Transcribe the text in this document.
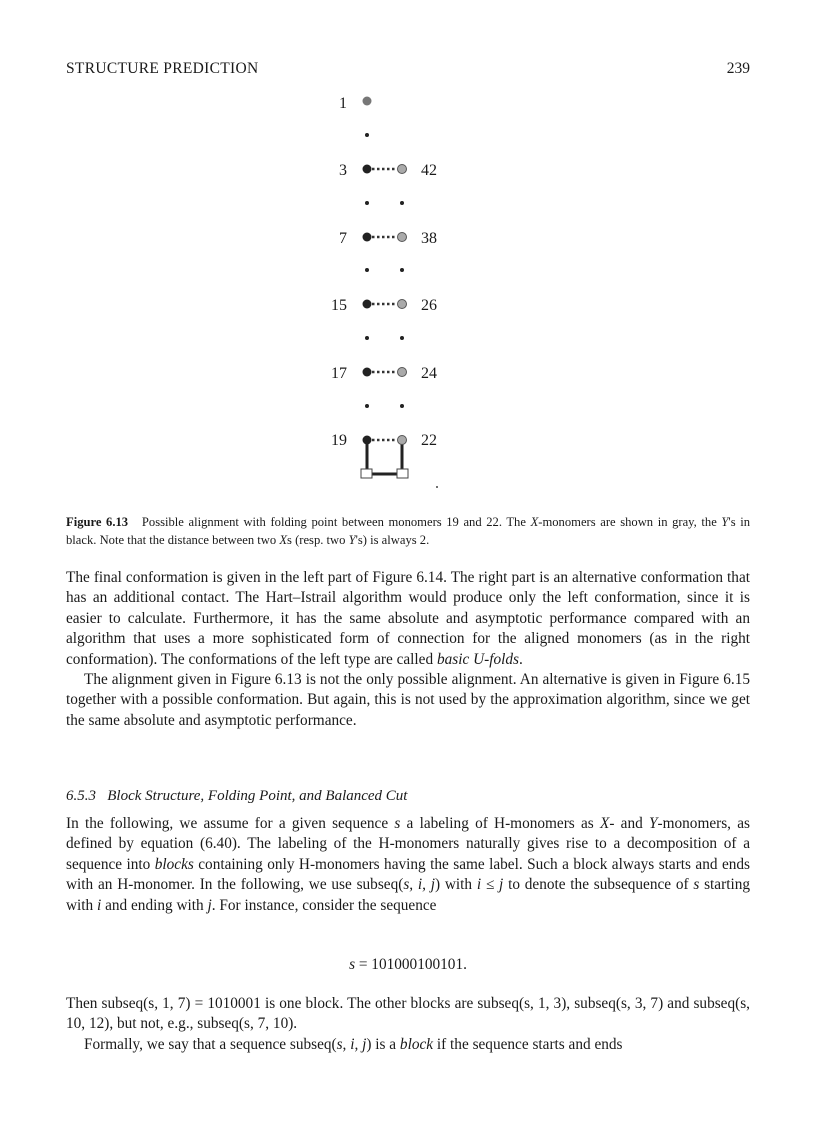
STRUCTURE PREDICTION	239
1
3
7
15
17
19
42
38
26
24
22
Figure 6.13 Possible alignment with folding point between monomers 19 and 22. The X-monomers are shown in gray, the Y's in black. Note that the distance between two Xs (resp. two Y's) is always 2.

The final conformation is given in the left part of Figure 6.14. The right part is an alternative conformation that has an additional contact. The Hart–Istrail algorithm would produce only the left conformation, since it is easier to calculate. Furthermore, it has the same absolute and asymptotic performance compared with an algorithm that uses a more sophisticated form of connection for the aligned monomers (as in the right conformation). The conformations of the left type are called basic U-folds.

The alignment given in Figure 6.13 is not the only possible alignment. An alternative is given in Figure 6.15 together with a possible conformation. But again, this is not used by the approximation algorithm, since we get the same absolute and asymptotic performance.

6.5.3 Block Structure, Folding Point, and Balanced Cut

In the following, we assume for a given sequence s a labeling of H-monomers as X- and Y-monomers, as defined by equation (6.40). The labeling of the H-monomers naturally gives rise to a decomposition of a sequence into blocks containing only H-monomers having the same label. Such a block always starts and ends with an H-monomer. In the following, we use subseq(s, i, j) with i ≤ j to denote the subsequence of s starting with i and ending with j. For instance, consider the sequence

s = 101000100101.

Then subseq(s, 1, 7) = 1010001 is one block. The other blocks are subseq(s, 1, 3), subseq(s, 3, 7) and subseq(s, 10, 12), but not, e.g., subseq(s, 7, 10).

Formally, we say that a sequence subseq(s, i, j) is a block if the sequence starts and ends
